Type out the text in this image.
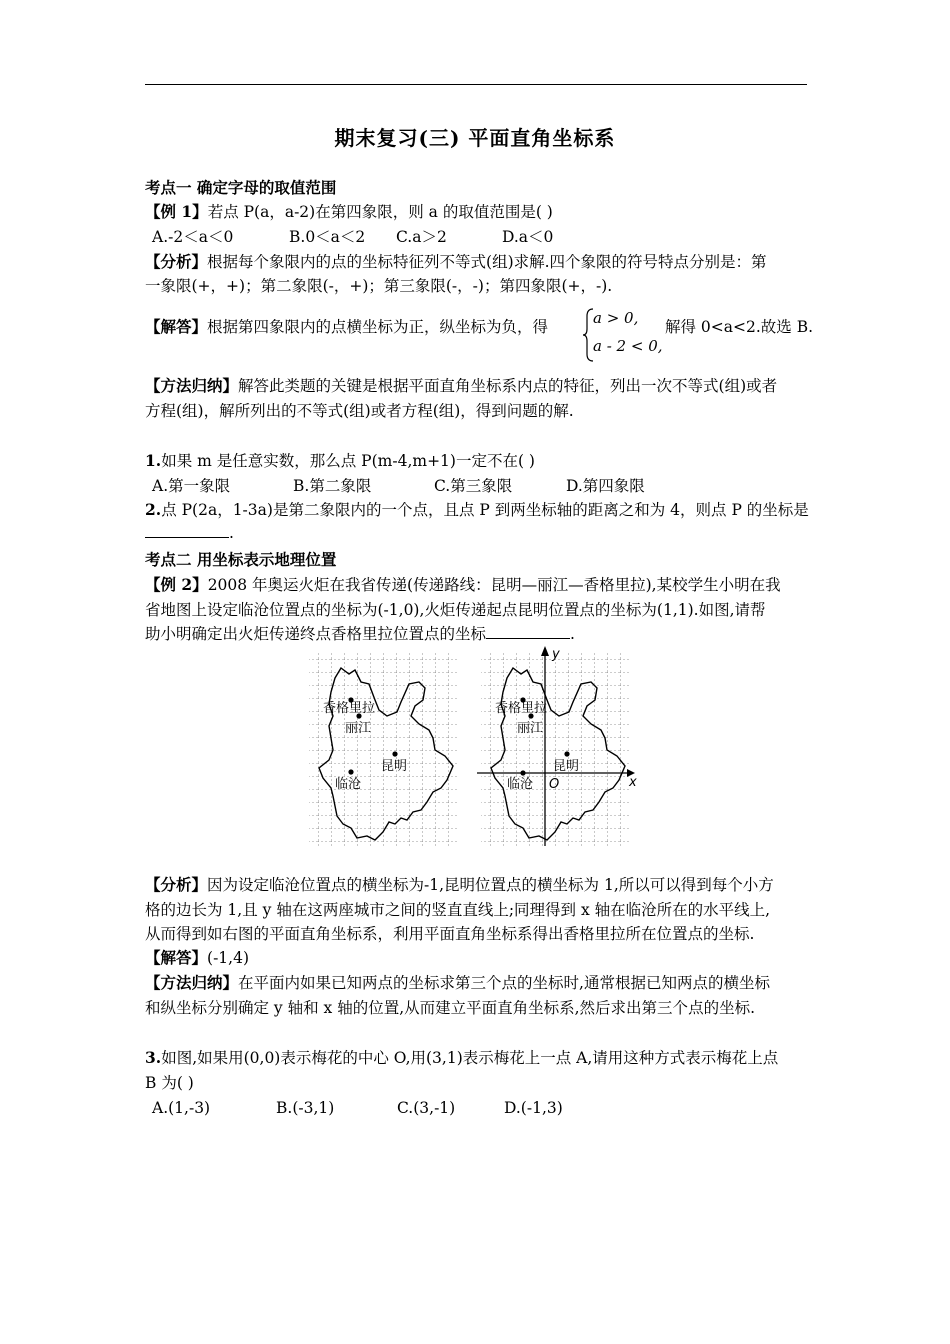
期末复习(三) 平面直角坐标系
考点一 确定字母的取值范围
【例 1】若点 P(a，a-2)在第四象限，则 a 的取值范围是( )
A.-2＜a＜0	B.0＜a＜2 C.a＞2	D.a＜0
【分析】根据每个象限内的点的坐标特征列不等式(组)求解.四个象限的符号特点分别是：第
一象限(+，+)；第二象限(-，+)；第三象限(-，-)；第四象限(+，-).
【解答】根据第四象限内的点横坐标为正，纵坐标为负，得	a > 0,
a - 2 < 0,
解得 0<a<2.故选 B.
【方法归纳】解答此类题的关键是根据平面直角坐标系内点的特征，列出一次不等式(组)或者
方程(组)，解所列出的不等式(组)或者方程(组)，得到问题的解.
1.如果 m 是任意实数，那么点 P(m-4,m+1)一定不在( )
A.第一象限	B.第二象限	C.第三象限	D.第四象限
2.点 P(2a，1-3a)是第二象限内的一个点，且点 P 到两坐标轴的距离之和为 4，则点 P 的坐标是
.
考点二 用坐标表示地理位置
【例 2】2008 年奥运火炬在我省传递(传递路线：昆明—丽江—香格里拉),某校学生小明在我
省地图上设定临沧位置点的坐标为(-1,0),火炬传递起点昆明位置点的坐标为(1,1).如图,请帮
助小明确定出火炬传递终点香格里拉位置点的坐标	.
香格里拉
丽江
昆明
临沧
香格里拉
丽江
昆明
临沧 O	x
y
【分析】因为设定临沧位置点的横坐标为-1,昆明位置点的横坐标为 1,所以可以得到每个小方
格的边长为 1,且 y 轴在这两座城市之间的竖直直线上;同理得到 x 轴在临沧所在的水平线上,
从而得到如右图的平面直角坐标系，利用平面直角坐标系得出香格里拉所在位置点的坐标.
【解答】(-1,4)
【方法归纳】在平面内如果已知两点的坐标求第三个点的坐标时,通常根据已知两点的横坐标
和纵坐标分别确定 y 轴和 x 轴的位置,从而建立平面直角坐标系,然后求出第三个点的坐标.
3.如图,如果用(0,0)表示梅花的中心 O,用(3,1)表示梅花上一点 A,请用这种方式表示梅花上点
B 为( )
A.(1,-3)	B.(-3,1)	C.(3,-1)	D.(-1,3)
